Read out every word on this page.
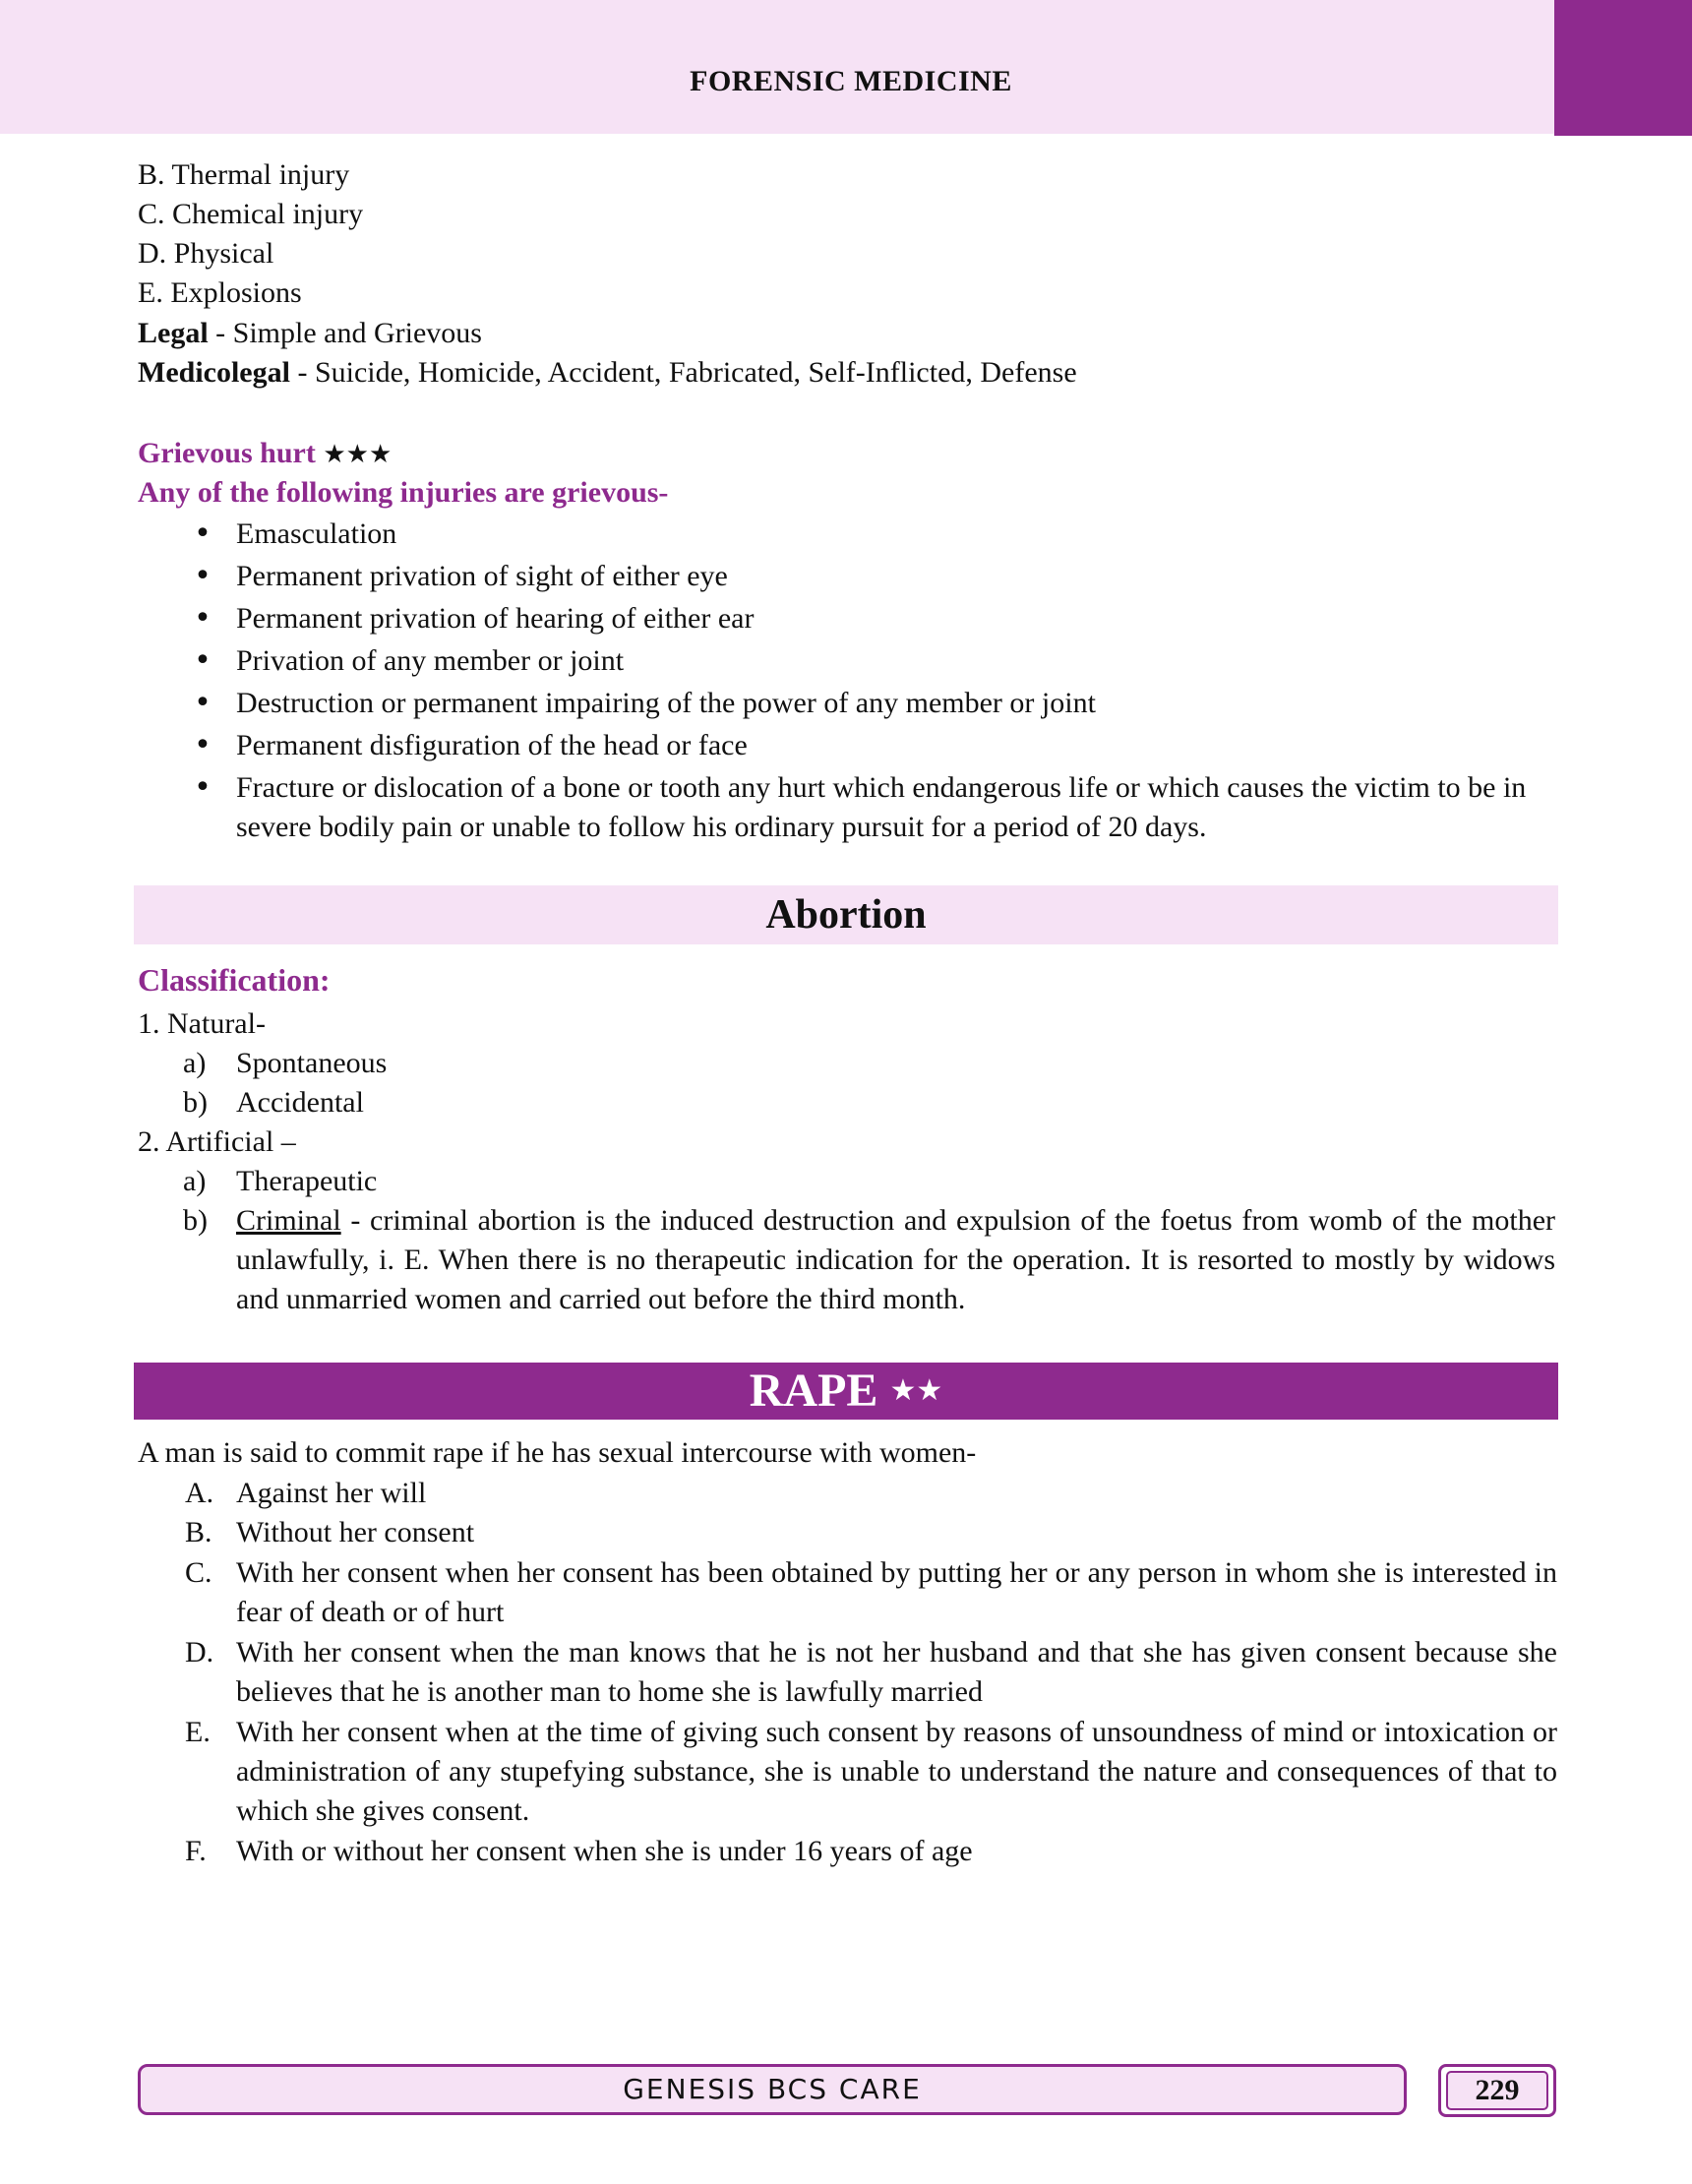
FORENSIC MEDICINE
B. Thermal injury
C. Chemical injury
D. Physical
E. Explosions
Legal - Simple and Grievous
Medicolegal - Suicide, Homicide, Accident, Fabricated, Self-Inflicted, Defense
Grievous hurt ★★★
Any of the following injuries are grievous-
• Emasculation
• Permanent privation of sight of either eye
• Permanent privation of hearing of either ear
• Privation of any member or joint
• Destruction or permanent impairing of the power of any member or joint
• Permanent disfiguration of the head or face
• Fracture or dislocation of a bone or tooth any hurt which endangerous life or which causes the victim to be in severe bodily pain or unable to follow his ordinary pursuit for a period of 20 days.
Abortion
Classification:
1. Natural-
a) Spontaneous
b) Accidental
2. Artificial –
a) Therapeutic
b) Criminal - criminal abortion is the induced destruction and expulsion of the foetus from womb of the mother unlawfully, i. E. When there is no therapeutic indication for the operation. It is resorted to mostly by widows and unmarried women and carried out before the third month.
RAPE ★★
A man is said to commit rape if he has sexual intercourse with women-
A. Against her will
B. Without her consent
C. With her consent when her consent has been obtained by putting her or any person in whom she is interested in fear of death or of hurt
D. With her consent when the man knows that he is not her husband and that she has given consent because she believes that he is another man to home she is lawfully married
E. With her consent when at the time of giving such consent by reasons of unsoundness of mind or intoxication or administration of any stupefying substance, she is unable to understand the nature and consequences of that to which she gives consent.
F. With or without her consent when she is under 16 years of age
GENESIS BCS CARE	229
